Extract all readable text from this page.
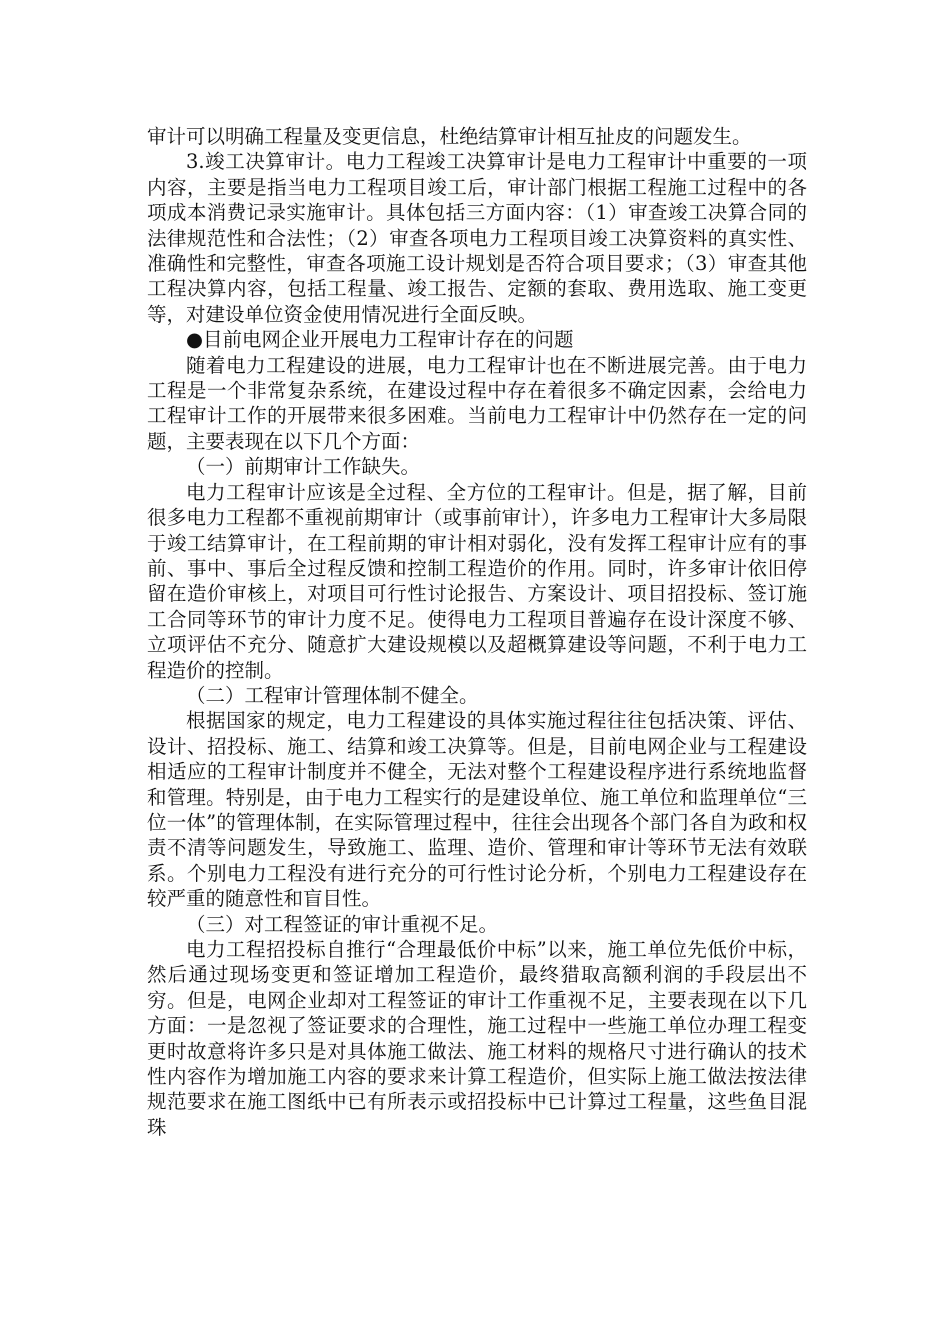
审计可以明确工程量及变更信息，杜绝结算审计相互扯皮的问题发生。

3.竣工决算审计。电力工程竣工决算审计是电力工程审计中重要的一项内容，主要是指当电力工程项目竣工后，审计部门根据工程施工过程中的各项成本消费记录实施审计。具体包括三方面内容：（1）审查竣工决算合同的法律规范性和合法性；（2）审查各项电力工程项目竣工决算资料的真实性、准确性和完整性，审查各项施工设计规划是否符合项目要求；（3）审查其他工程决算内容，包括工程量、竣工报告、定额的套取、费用选取、施工变更等，对建设单位资金使用情况进行全面反映。

●目前电网企业开展电力工程审计存在的问题

随着电力工程建设的进展，电力工程审计也在不断进展完善。由于电力工程是一个非常复杂系统，在建设过程中存在着很多不确定因素，会给电力工程审计工作的开展带来很多困难。当前电力工程审计中仍然存在一定的问题，主要表现在以下几个方面：

（一）前期审计工作缺失。

电力工程审计应该是全过程、全方位的工程审计。但是，据了解，目前很多电力工程都不重视前期审计（或事前审计），许多电力工程审计大多局限于竣工结算审计，在工程前期的审计相对弱化，没有发挥工程审计应有的事前、事中、事后全过程反馈和控制工程造价的作用。同时，许多审计依旧停留在造价审核上，对项目可行性讨论报告、方案设计、项目招投标、签订施工合同等环节的审计力度不足。使得电力工程项目普遍存在设计深度不够、立项评估不充分、随意扩大建设规模以及超概算建设等问题，不利于电力工程造价的控制。

（二）工程审计管理体制不健全。

根据国家的规定，电力工程建设的具体实施过程往往包括决策、评估、设计、招投标、施工、结算和竣工决算等。但是，目前电网企业与工程建设相适应的工程审计制度并不健全，无法对整个工程建设程序进行系统地监督和管理。特别是，由于电力工程实行的是建设单位、施工单位和监理单位“三位一体”的管理体制，在实际管理过程中，往往会出现各个部门各自为政和权责不清等问题发生，导致施工、监理、造价、管理和审计等环节无法有效联系。个别电力工程没有进行充分的可行性讨论分析，个别电力工程建设存在较严重的随意性和盲目性。

（三）对工程签证的审计重视不足。

电力工程招投标自推行“合理最低价中标”以来，施工单位先低价中标，然后通过现场变更和签证增加工程造价，最终猎取高额利润的手段层出不穷。但是，电网企业却对工程签证的审计工作重视不足，主要表现在以下几方面：一是忽视了签证要求的合理性，施工过程中一些施工单位办理工程变更时故意将许多只是对具体施工做法、施工材料的规格尺寸进行确认的技术性内容作为增加施工内容的要求来计算工程造价，但实际上施工做法按法律规范要求在施工图纸中已有所表示或招投标中已计算过工程量，这些鱼目混珠
